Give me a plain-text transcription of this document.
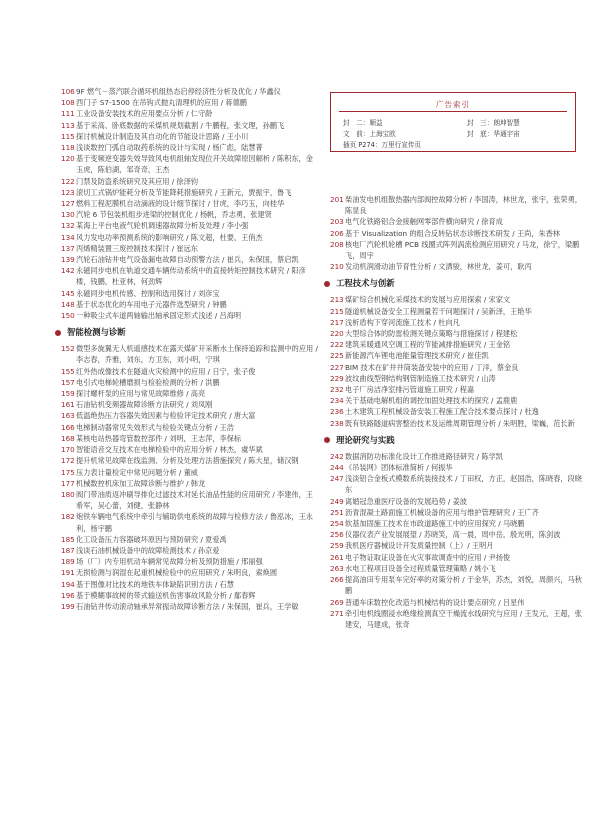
106 9F 燃气－蒸汽联合循环机组热态启停经济性分析及优化 / 华鑫仪
108 西门子 S7-1500 在吊钩式抛丸清理机的应用 / 蒋德鹏
111 工业设备安装技术的应用要点分析 / 仁守龄
113 基于采高、卧底数据的采煤机规划截割 / 牛鹏程，张文理，孙鹏飞
115 探讨机械设计制造及其自动化的节能设计思路 / 王小川
118 浅谈数控门弧自动取药系统的设计与实现 / 杨广彪，陆慧菁
120 基于变频逆变器失效导致风电机组轴发现位开关故障原因解析 / 陈积东，金玉虎，陈伯湖，邹奇奇，王杰
122 门禁及防盗系统研究及其应用 / 徐泽钧
123 滚切工式锅炉能耗分析及节能降耗措施研究 / 王新元，贾振宇，鲁飞
127 燃料工程泥膜机自动滴液的设计细节探讨 / 甘虎，李巧玉，向桂华
130 汽轮 6 节包装机组步进梁的控制优化 / 杨帆，乔志勇，张建贤
132 某海上平台电液气轮机调速器故障分析及处理 / 李小强
134 风力发电功率预测系统的影响研究 / 陈文超，杜要，王俏杰
137 丙烯精装置三废控制技术探讨 / 崔远东
139 汽轮石油钻井电气设备漏电故障自动预警方法 / 崔兵，朱保国，蔡启凯
142 永磁同步电机在轨道交通车辆传动系统中的直接转矩控制技术研究 / 阳彦楼，钱鹏，杜亚林，何劲辉
145 永磁同步电机传感、控制和选用探讨 / 刘彦宝
148 基于状态优化的车用电子元器件选型研究 / 钟鹏
150 一种吸尘式车道两轴输出轴承固定形式浅述 / 吕海明
智能检测与诊断
152 微型多旋翼无人机遥感技术在露天煤矿开采断水土保持追踪和监测中的应用 / 李志春，乔雅，刘东，方卫东，刘小明，宁琪
155 红外热成像技术在隧道火灾检测中的应用 / 日宁，张子俊
157 电引式电梯轮槽磨损与检验检测的分析 / 洪鹏
159 探讨螺杆泵的应用与常见故障维修 / 高亮
161 石油钻机变频器故障诊断方法研究 / 刘凤刚
163 低温绝热压力容器失效因素与检验评定技术研究 / 唐大富
166 电梯制动器常见失效形式与检验关键点分析 / 王浩
168 某核电站热器弯管数控部件 / 刘明，王志萍，李保标
170 智能语音交互技术在电梯检验中的应用分析 / 林杰，虞华斌
172 提升机常见故障在线监测、分析及处理方法措施探究 / 陈大星，储汉钢
175 压力表计量检定中常见问题分析 / 董威
177 机械数控机床加工故障诊断与维护 / 韩龙
180 阀门带油质返冲刷导排化过滤技术对延长油品性能的应用研究 / 李建伟，王希军，吴心蕾，刘健，张静林
182 炮铁车辆电气系统中牵引与辅助供电系统的故障与检修方法 / 鲁泓冰，王永利，杨宇鹏
185 化工设备压力容器破坏原因与预防研究 / 夏爱禹
187 浅谈石油机械设备中的故障检测技术 / 孙京爱
189 场（厂）内专用机动车辆常见故障分析及预防措施 / 邢丽强
191 无损检测与润湿在起重机械检验中的应用研究 / 朱明良，索焕圆
194 基于图像对比技术的地铁车体缺陷识别方法 / 石慧
196 基于模糊事故树的带式输送机伤害事故风险分析 / 鄢春辉
199 石油钻井传动滚动轴承异常振动故障诊断方法 / 朱保国，崔兵，王学敏
广告索引
封　二：顺益	封　三：朗坤智慧
文　前：上海宝欧	封　底：华通宇宙
插页 P274：万里行宣传页
201 柴油发电机组散热器内部阀控故障分析 / 李国涛，林世龙，张宇，张荣勇，陈显良
203 电气化铁路铝合金接触网零部件横向研究 / 徐育成
206 基于 Visualization 的组合反转钻状态诊断技术研发 / 王尚，朱香林
208 核电厂汽轮机轮槽 PCB 线圈式阵列涡流检测应用研究 / 马龙，徐宁，梁鹏飞，周宇
210 发动机润滑动油节育性分析 / 文洒骏，林世龙，姜可，耿丙
工程技术与创新
213 煤矿综合机械化采煤技术的发展与应用探索 / 宋家文
215 隧道机械设备安全工程测量若干问题探讨 / 吴新泽，王艳华
217 浅析盾构下穿河流施工技术 / 杜向凡
220 大型综合体的防雷检测关键点策略与措施探讨 / 程建松
222 建筑采暖通风空调工程的节能减排措施研究 / 王金铭
225 新能源汽车锂电池能量管理技术研究 / 崔佳凯
227 BIM 技术在矿井井筒装备安装中的应用 / 丁洋，蔡金良
229 波纹曲线型钢结构钢管制造施工技术研究 / 山涛
232 电子厂房洁净室排污管道施工研究 / 程嘉
234 关于基础电解机组的调控加固处理技术的探究 / 孟鹿鹿
236 土木建筑工程机械设备安装工程施工配合技术要点探讨 / 杜逸
238 既有铁路隧道病害整治技术及运维周期管理分析 / 朱明胜，梁巍，范长新
理论研究与实践
242 数据消防功标准化设计工作推进路径研究 / 陈学凯
244 《吊装网》团体标准简析 / 何振华
247 浅淡铝合金板式模数系统装接技术 / 丁田权，方正，赵国浩，陈晓春，段晓东
249 离婚冠急重医疗设备的发展趋势 / 姜波
251 沥青混凝土路面施工机械设备的应用与维护管理研究 / 王广齐
254 软基加固施工技术在市政道路施工中的应用探究 / 马晓鹏
256 仪器仪表产业发展展望 / 苏晓笑，高一晨，周中岳，殷光明，陈剑波
259 我机医疗器械设计开发质量控制（上）/ 王明月
261 电子物证取证设备在火灾事故调查中的应用 / 尹扬俊
263 水电工程项目设备全过程质量管理策略 / 姚小飞
266 提高油田专用泵车完好率的对策分析 / 于金华，苏杰，刘悦，周颜兴，马秋鹏
269 普通车床数控化改造与机械结构的设计要点研究 / 吕星伟
271 牵引电机线圈浸水绝缘检测真空干燥流水线研究与应用 / 王发元，王超，张建安，马建成，张奇
